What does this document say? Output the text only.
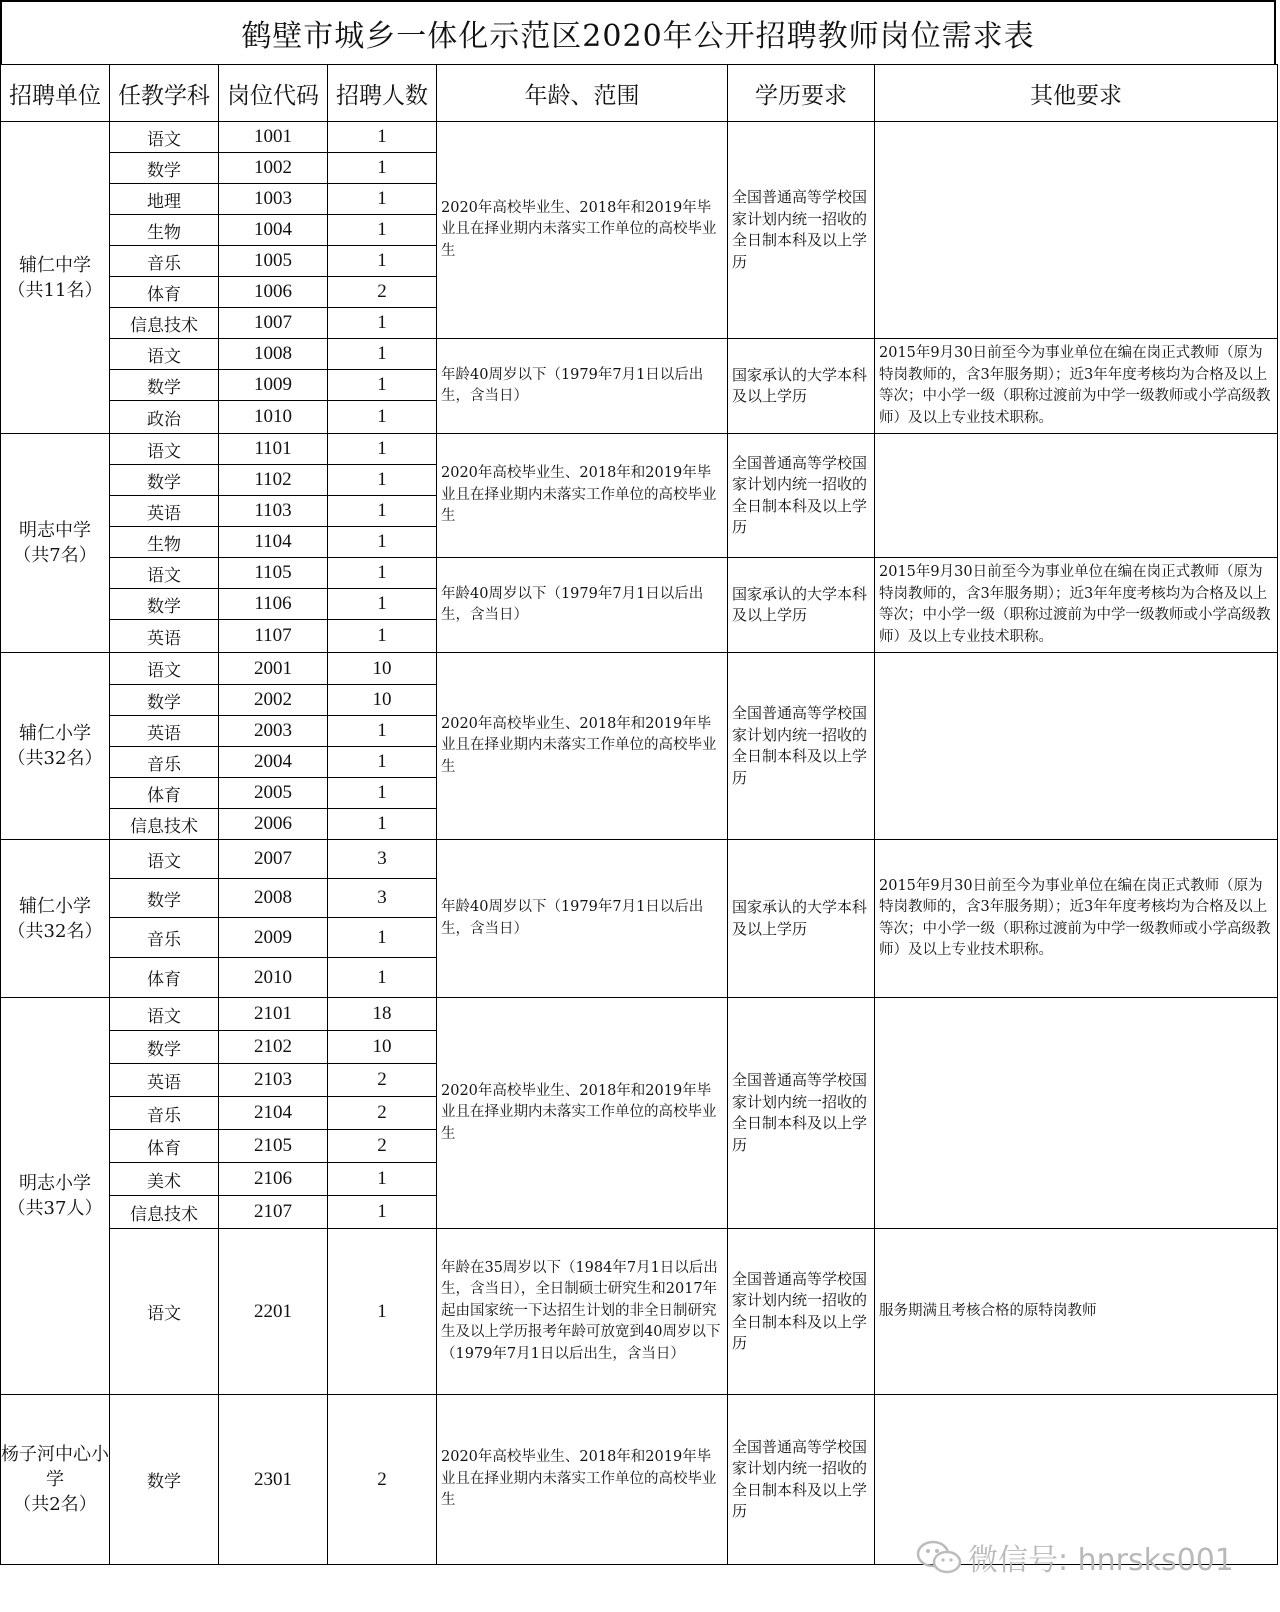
鹤壁市城乡一体化示范区2020年公开招聘教师岗位需求表
招聘单位	任教学科	岗位代码	招聘人数	年龄、范围	学历要求	其他要求

辅仁中学
（共11名）	语文	1001	1	2020年高校毕业生、2018年和2019年毕业且在择业期内未落实工作单位的高校毕业生	全国普通高等学校国家计划内统一招收的全日制本科及以上学历	
	数学	1002	1			
	地理	1003	1			
	生物	1004	1			
	音乐	1005	1			
	体育	1006	2			
	信息技术	1007	1			
	语文	1008	1	年龄40周岁以下（1979年7月1日以后出生，含当日）	国家承认的大学本科及以上学历	2015年9月30日前至今为事业单位在编在岗正式教师（原为特岗教师的，含3年服务期）；近3年年度考核均为合格及以上等次；中小学一级（职称过渡前为中学一级教师或小学高级教师）及以上专业技术职称。
	数学	1009	1			
	政治	1010	1			

明志中学
（共7名）	语文	1101	1	2020年高校毕业生、2018年和2019年毕业且在择业期内未落实工作单位的高校毕业生	全国普通高等学校国家计划内统一招收的全日制本科及以上学历	
	数学	1102	1			
	英语	1103	1			
	生物	1104	1			
	语文	1105	1	年龄40周岁以下（1979年7月1日以后出生，含当日）	国家承认的大学本科及以上学历	2015年9月30日前至今为事业单位在编在岗正式教师（原为特岗教师的，含3年服务期）；近3年年度考核均为合格及以上等次；中小学一级（职称过渡前为中学一级教师或小学高级教师）及以上专业技术职称。
	数学	1106	1			
	英语	1107	1			

辅仁小学
（共32名）	语文	2001	10	2020年高校毕业生、2018年和2019年毕业且在择业期内未落实工作单位的高校毕业生	全国普通高等学校国家计划内统一招收的全日制本科及以上学历	
	数学	2002	10			
	英语	2003	1			
	音乐	2004	1			
	体育	2005	1			
	信息技术	2006	1			

辅仁小学
（共32名）	语文	2007	3	年龄40周岁以下（1979年7月1日以后出生，含当日）	国家承认的大学本科及以上学历	2015年9月30日前至今为事业单位在编在岗正式教师（原为特岗教师的，含3年服务期）；近3年年度考核均为合格及以上等次；中小学一级（职称过渡前为中学一级教师或小学高级教师）及以上专业技术职称。
	数学	2008	3			
	音乐	2009	1			
	体育	2010	1			

明志小学
（共37人）	语文	2101	18	2020年高校毕业生、2018年和2019年毕业且在择业期内未落实工作单位的高校毕业生	全国普通高等学校国家计划内统一招收的全日制本科及以上学历	
	数学	2102	10			
	英语	2103	2			
	音乐	2104	2			
	体育	2105	2			
	美术	2106	1			
	信息技术	2107	1			
	语文	2201	1	年龄在35周岁以下（1984年7月1日以后出生，含当日），全日制硕士研究生和2017年起由国家统一下达招生计划的非全日制研究生及以上学历报考年龄可放宽到40周岁以下（1979年7月1日以后出生，含当日）	全国普通高等学校国家计划内统一招收的全日制本科及以上学历	服务期满且考核合格的原特岗教师

杨子河中心小学
（共2名）	数学	2301	2	2020年高校毕业生、2018年和2019年毕业且在择业期内未落实工作单位的高校毕业生	全国普通高等学校国家计划内统一招收的全日制本科及以上学历	
微信号: hnrsks001
